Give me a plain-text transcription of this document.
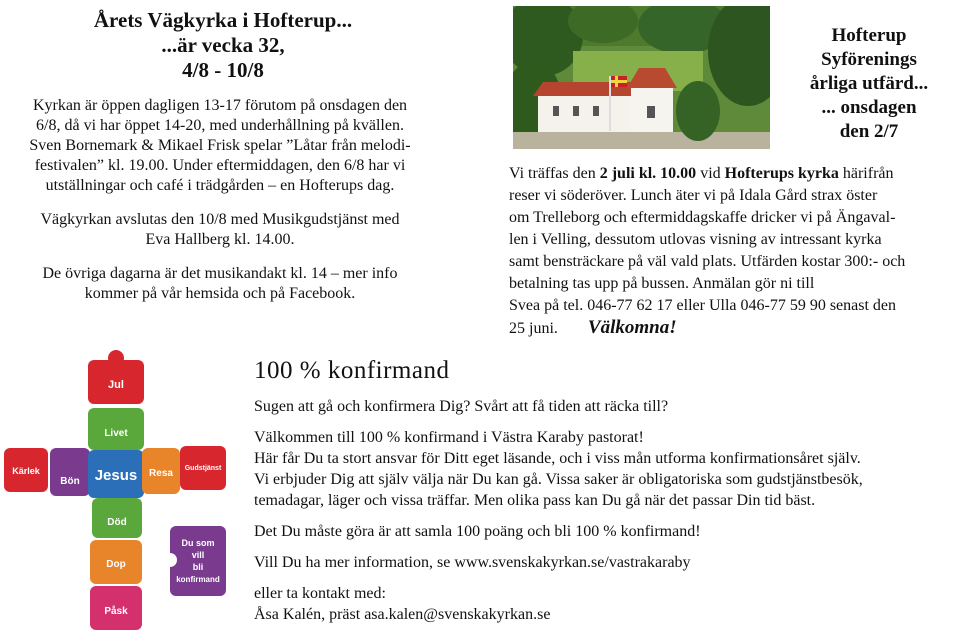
Årets Vägkyrka i Hofterup...
...är vecka 32,
4/8 - 10/8

Kyrkan är öppen dagligen 13-17 förutom på onsdagen den

6/8, då vi har öppet 14-20, med underhållning på kvällen.

Sven Bornemark & Mikael Frisk spelar ”Låtar från melodi-

festivalen” kl. 19.00. Under eftermiddagen, den 6/8 har vi

utställningar och café i trädgården – en Hofterups dag.

Vägkyrkan avslutas den 10/8 med Musikgudstjänst med

Eva Hallberg kl. 14.00.

De övriga dagarna är det musikandakt kl. 14 – mer info

kommer på vår hemsida och på Facebook.

Hofterup
Syförenings
årliga utfärd...
... onsdagen
den 2/7

Vi träffas den 2 juli kl. 10.00 vid Hofterups kyrka härifrån

reser vi söderöver. Lunch äter vi på Idala Gård strax öster

om Trelleborg och eftermiddagskaffe dricker vi på Ängaval-

len i Velling, dessutom utlovas visning av intressant kyrka

samt bensträckare på väl vald plats. Utfärden kostar 300:- och

betalning tas upp på bussen. Anmälan gör ni till

Svea på tel. 046-77 62 17 eller Ulla 046-77 59 90 senast den

25 juni. Välkomna!

Jul
Livet
Kärlek
Bön Jesus Resa Gudstjänst
Död
Dop
Påsk
Du som
vill
bli
konfirmand
100 % konfirmand

Sugen att gå och konfirmera Dig? Svårt att få tiden att räcka till?

Välkommen till 100 % konfirmand i Västra Karaby pastorat!

Här får Du ta stort ansvar för Ditt eget läsande, och i viss mån utforma konfirmationsåret själv.

Vi erbjuder Dig att själv välja när Du kan gå. Vissa saker är obligatoriska som gudstjänstbesök,

temadagar, läger och vissa träffar. Men olika pass kan Du gå när det passar Din tid bäst.

Det Du måste göra är att samla 100 poäng och bli 100 % konfirmand!

Vill Du ha mer information, se www.svenskakyrkan.se/vastrakaraby

eller ta kontakt med:

Åsa Kalén, präst asa.kalen@svenskakyrkan.se
